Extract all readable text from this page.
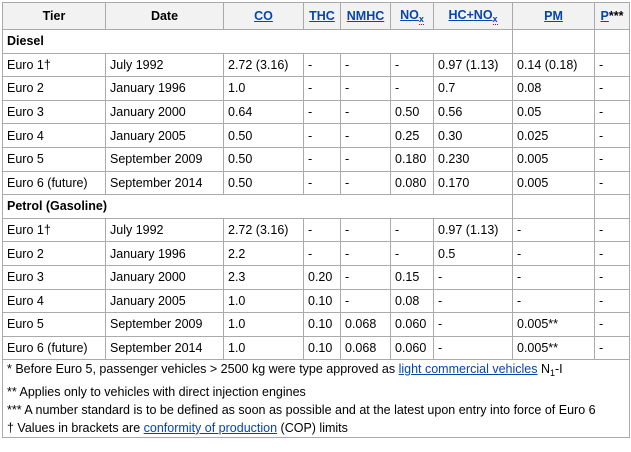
Tier	Date	CO	THC	NMHC	$NO_x$	$HC+NO_x$	PM	P***
Diesel								
Euro 1†	July 1992	2.72 (3.16)	-	-	-	0.97 (1.13)	0.14 (0.18)	-
Euro 2	January 1996	1.0	-	-	-	0.7	0.08	-
Euro 3	January 2000	0.64	-	-	0.50	0.56	0.05	-
Euro 4	January 2005	0.50	-	-	0.25	0.30	0.025	-
Euro 5	September 2009	0.50	-	-	0.180	0.230	0.005	-
Euro 6 (future)	September 2014	0.50	-	-	0.080	0.170	0.005	-
Petrol (Gasoline)								
Euro 1†	July 1992	2.72 (3.16)	-	-	-	0.97 (1.13)	-	-
Euro 2	January 1996	2.2	-	-	-	0.5	-	-
Euro 3	January 2000	2.3	0.20	-	0.15	-	-	-
Euro 4	January 2005	1.0	0.10	-	0.08	-	-	-
Euro 5	September 2009	1.0	0.10	0.068	0.060	-	0.005**	-
Euro 6 (future)	September 2014	1.0	0.10	0.068	0.060	-	0.005**	-

* Before Euro 5, passenger vehicles > 2500 kg were type approved as light commercial vehicles $N_1-I$
** Applies only to vehicles with direct injection engines
*** A number standard is to be defined as soon as possible and at the latest upon entry into force of Euro 6
† Values in brackets are conformity of production (COP) limits								
